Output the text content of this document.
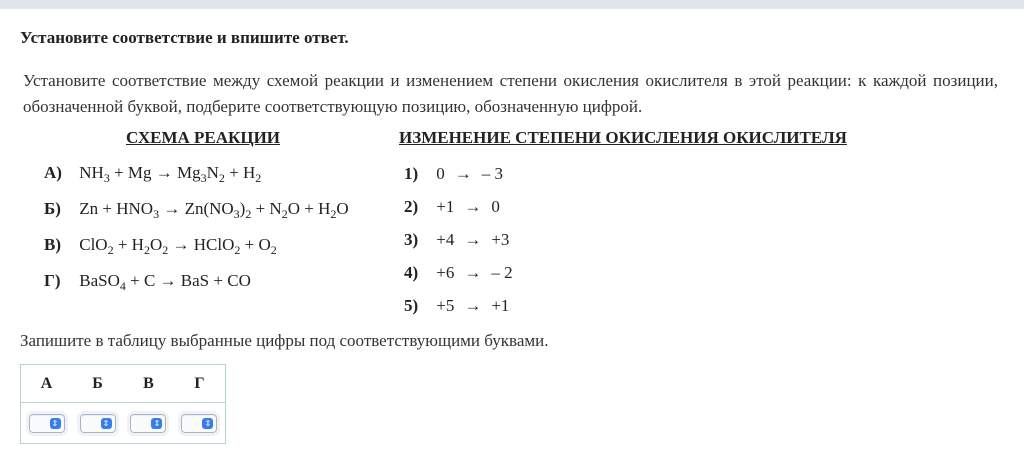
Установите соответствие и впишите ответ.
Установите соответствие между схемой реакции и изменением степени окисления окислителя в этой реакции: к каждой позиции, обозначенной буквой, подберите соответствующую позицию, обозначенную цифрой.
СХЕМА РЕАКЦИИ	ИЗМЕНЕНИЕ СТЕПЕНИ ОКИСЛЕНИЯ ОКИСЛИТЕЛЯ
А) $NH_3 + Mg \to Mg_3N_2 + H_2$
Б) $Zn + HNO_3 \to Zn(NO_3)_2 + N_2O + H_2O$
В) $ClO_2 + H_2O_2$ → HClO$_2$ + $O_2$
Г) BaSO$_4$ + C → BaS + CO
1) 0 → – 3
2) +1 → 0
3) +4 → +3
4) +6 → – 2
5) +5 → +1
Запишите в таблицу выбранные цифры под соответствующими буквами.
А	Б	В	Г

⇕	⇕	⇕	⇕
